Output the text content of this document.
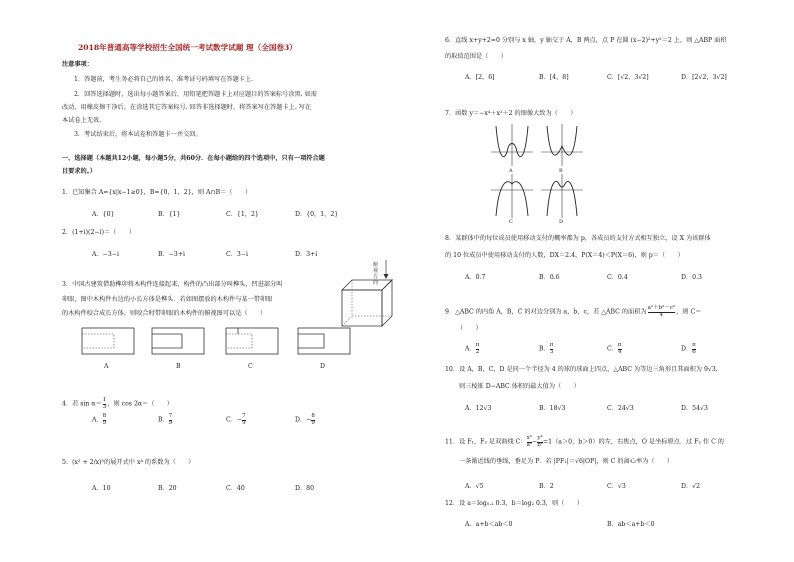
2018年普通高等学校招生全国统一考试数学试题 理（全国卷3）
注意事项：
1．答题前，考生务必将自己的姓名、准考证号码填写在答题卡上.
2．回答选择题时，选出每小题答案后，用铅笔把答题卡上对应题目的答案标号涂黑. 如需
改动，用橡皮擦干净后，在涂选其它答案标号. 回答非选择题时，将答案写在答题卡上. 写在
本试卷上无效。
3．考试结束后，将本试卷和答题卡一并交回。
一、选择题（本题共12小题，每小题5分，共60分．在每小题给的四个选项中，只有一项符合题
目要求的。）
1．已知集合 A={x|x−1≥0}，B={0，1，2}，则 A∩B＝（　　）
A．{0}	B．{1}	C．{1，2}	D．{0，1，2}
2．(1+i)(2−i)＝（　　）
A．−3−i	B．−3+i	C．3−i	D．3+i
3．中国古建筑借助榫卯将木构件连接起来，构件的凸出部分叫榫头，凹进部分叫
卯眼，图中木构件右边的小长方体是榫头．若如图摆放的木构件与某一带卯眼
的木构件咬合成长方体，则咬合时带卯眼的木构件的俯视图可以是（　　）
俯
视
方
向
A	B	C	D
4．若 $\sin \alpha= \frac{1}{3}$ ，则 cos 2α＝（　　）
A． $\frac{8}{9}$	B． $\frac{7}{9}$	C．− $\frac{7}{9}$	D．− $\frac{8}{9}$
5．(x² + 2/x)⁵的展开式中 x⁴ 的系数为（　　）
A．10	B．20	C．40	D．80
6．直线 x+y+2=0 分别与 x 轴，y 轴交于 A，B 两点，点 P 在圆 (x−2)²+y²＝2 上，则 △ABP 面积
的取值范围是（　　）
A．[2，6]	B．[4，8]	C．[√2，3√2]	D．[2√2，3√2]
7．函数 y＝−x⁴＋x²＋2 的图像大致为（　　）
A	B
C	D
8．某群体中的每位成员使用移动支付的概率都为 p，各成员的支付方式相互独立，设 X 为该群体
的 10 位成员中使用移动支付的人数，DX＝2.4，P(X＝4)＜P(X＝6)，则 p＝（　　）
A．0.7	B．0.6	C．0.4	D．0.3
9．△ABC 的内角 A，B，C 的对边分别为 a，b，c，若 △ABC 的面积为 $\frac{\text{a²＋b²－c²}}{4}$ ，则 C＝
（　　）
A． $\frac{\pi}{2}$	B． $\frac{\pi}{3}$	C． $\frac{\pi}{4}$	D． $\frac{\pi}{6}$
10．设 A，B，C，D 是同一个半径为 4 的球的球面上四点，△ABC 为等边三角形且其面积为 9√3，
则三棱锥 D−ABC 体积的最大值为（　　）
A．12√3	B．18√3	C．24√3	D．54√3
11．设 F₁，F₂ 是双曲线 C： $\frac{\text{x²}}{\text{a²}} - \frac{\text{y²}}{\text{b²}} =1(a>0$，b＞0）的左，右焦点，O 是坐标原点．过 F₂ 作 C 的
一条渐近线的垂线，垂足为 P．若 |PF₁|＝√6|OP|，则 C 的离心率为（　　）
A．√5	B．2	C．√3	D．√2
12．设 a＝log₀.₂ 0.3，b＝log₂ 0.3，则（　　）
A．a+b＜ab＜0	B．ab＜a+b＜0
